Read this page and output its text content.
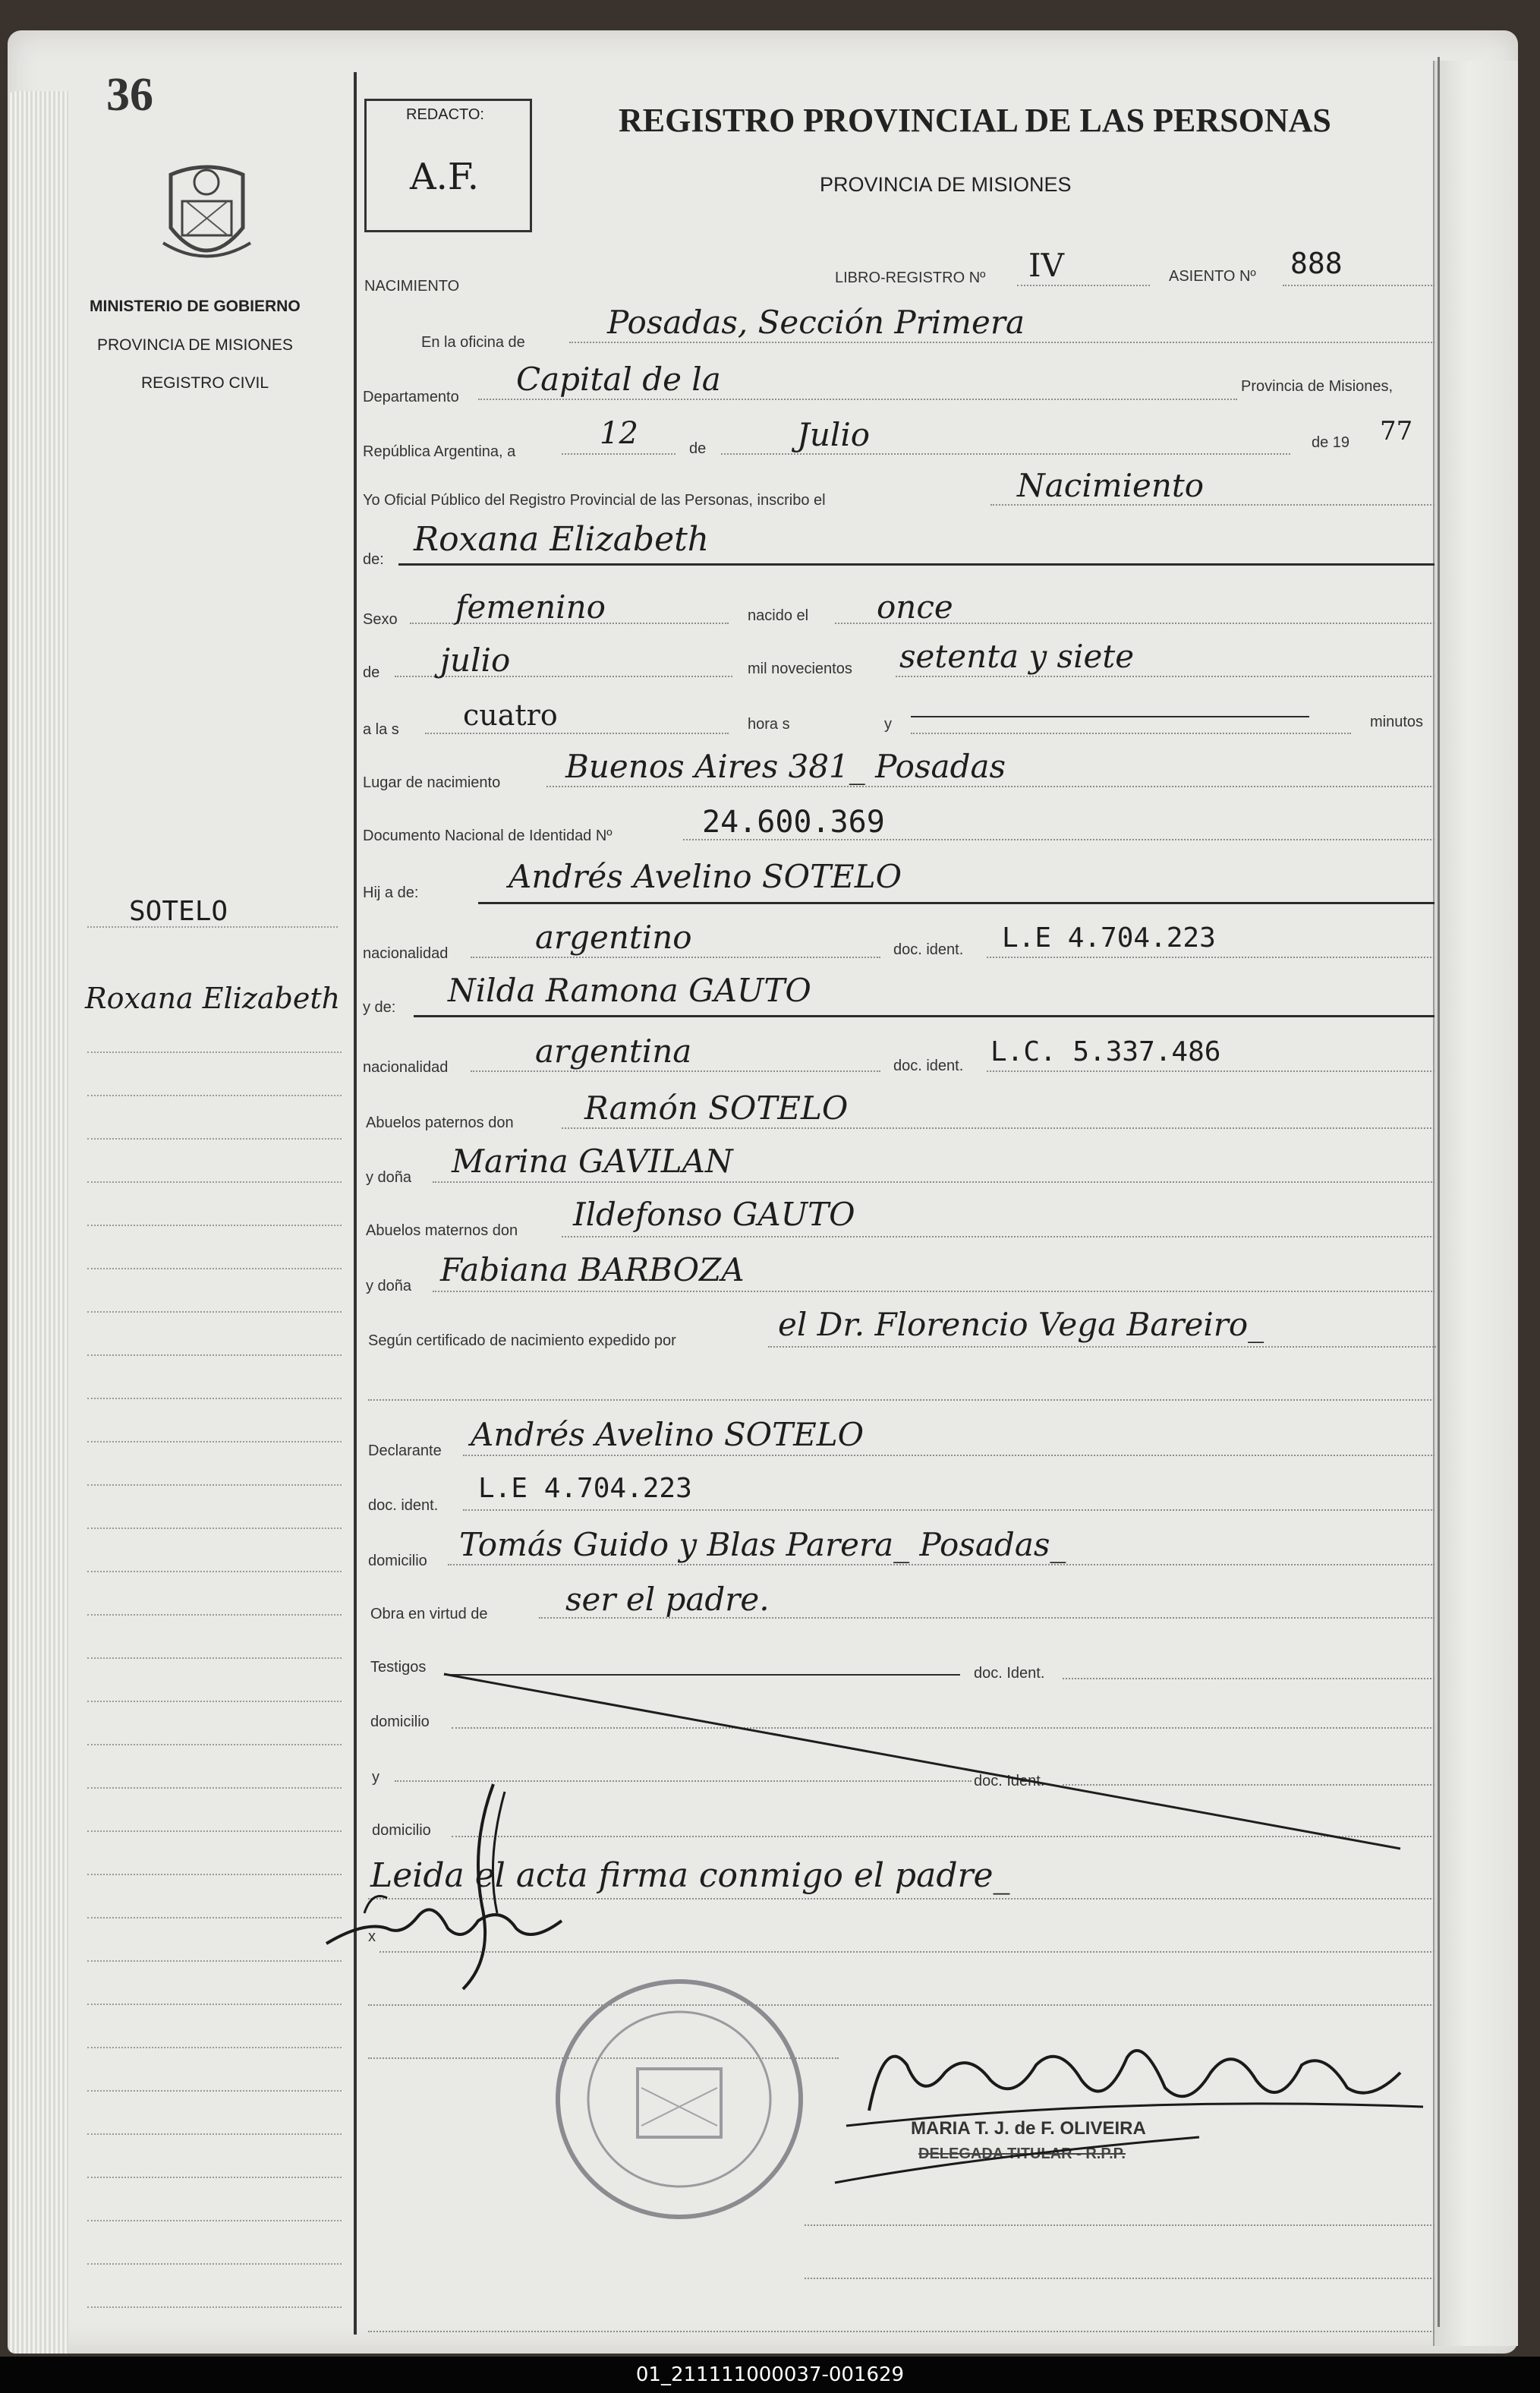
36
MINISTERIO DE GOBIERNO
PROVINCIA DE MISIONES
REGISTRO CIVIL
SOTELO
Roxana Elizabeth
REDACTO:
A.F.
REGISTRO PROVINCIAL DE LAS PERSONAS
PROVINCIA DE MISIONES
NACIMIENTO	LIBRO-REGISTRO Nº IV	ASIENTO Nº 888
En la oficina de
Posadas, Sección Primera
Departamento Capital de la	Provincia de Misiones,
República Argentina, a
12	de	Julio	de 19 77
Yo Oficial Público del Registro Provincial de las Personas, inscribo el	Nacimiento
de:
Roxana Elizabeth
Sexo femenino	nacido el once
de julio	mil novecientos setenta y siete
a la s cuatro	hora s	y	minutos
Lugar de nacimiento Buenos Aires 381_ Posadas
Documento Nacional de Identidad Nº	24.600.369
Hij a de:	Andrés Avelino SOTELO
nacionalidad	argentino	doc. ident. L.E 4.704.223
y de: Nilda Ramona GAUTO
nacionalidad	argentina	doc. ident. L.C. 5.337.486
Abuelos paternos don Ramón SOTELO
y doña Marina GAVILAN
Abuelos maternos don Ildefonso GAUTO
y doña Fabiana BARBOZA
Según certificado de nacimiento expedido por	el Dr. Florencio Vega Bareiro_
Declarante Andrés Avelino SOTELO
doc. ident.
L.E 4.704.223
domicilio Tomás Guido y Blas Parera_ Posadas_
Obra en virtud de ser el padre.
Testigos	doc. Ident.
domicilio
y	doc. Ident.
domicilio
Leida el acta firma conmigo el padre_
x
MARIA T. J. de F. OLIVEIRA
DELEGADA TITULAR - R.P.P.
01_211111000037-001629
